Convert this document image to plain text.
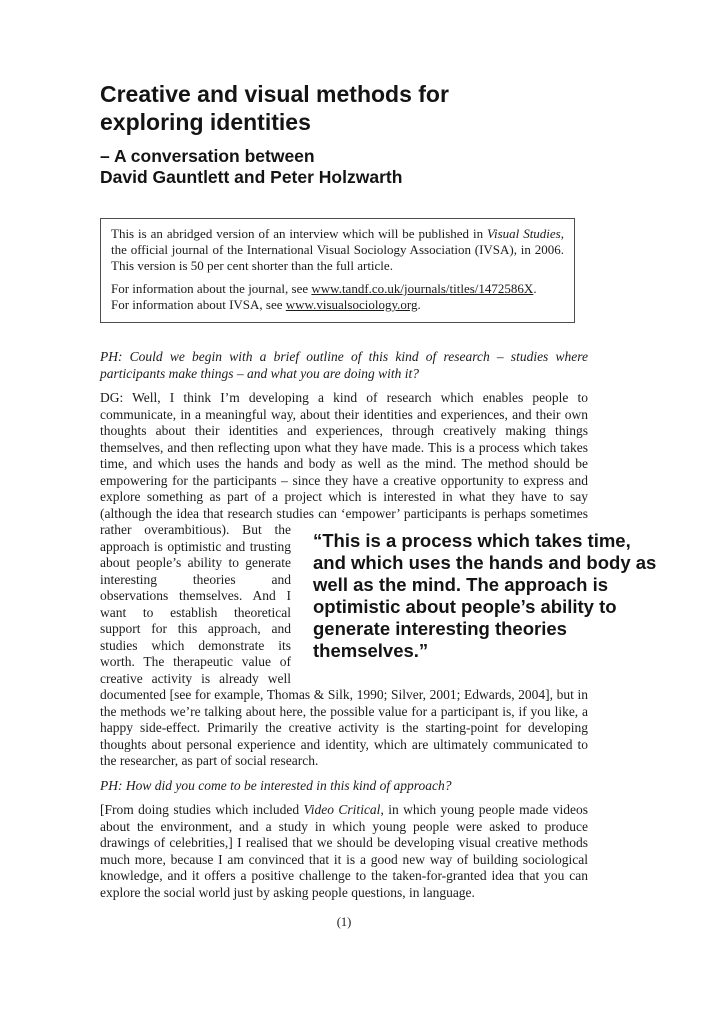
Creative and visual methods for
exploring identities
– A conversation between
David Gauntlett and Peter Holzwarth

This is an abridged version of an interview which will be published in Visual Studies, the official journal of the International Visual Sociology Association (IVSA), in 2006. This version is 50 per cent shorter than the full article.

For information about the journal, see www.tandf.co.uk/journals/titles/1472586X.
For information about IVSA, see www.visualsociology.org.

PH: Could we begin with a brief outline of this kind of research – studies where participants make things – and what you are doing with it?

DG: Well, I think I’m developing a kind of research which enables people to communicate, in a meaningful way, about their identities and experiences, and their own thoughts about their identities and experiences, through creatively making things themselves, and then reflecting upon what they have made. This is a process which takes time, and which uses the hands and body as well as the mind. The method should be empowering for the participants – since they have a creative opportunity to express and explore something as part of a project which is interested in what they have to say (although the idea that research studies can ‘empower’ participants is
“This is a process which takes time, and which uses the hands and body as well as the mind. The approach is optimistic about people’s ability to generate interesting theories themselves.”
perhaps sometimes rather overambitious). But the approach is optimistic and trusting about people’s ability to generate interesting theories and observations themselves. And I want to establish theoretical support for this approach, and studies which demonstrate its worth. The therapeutic value of creative activity is already well documented [see for example, Thomas & Silk, 1990; Silver, 2001; Edwards, 2004], but in the methods we’re talking about here, the possible value for a participant is, if you like, a happy side-effect. Primarily the creative activity is the starting-point for developing thoughts about personal experience and identity, which are ultimately communicated to the researcher, as part of social research.

PH: How did you come to be interested in this kind of approach?

[From doing studies which included Video Critical, in which young people made videos about the environment, and a study in which young people were asked to produce drawings of celebrities,] I realised that we should be developing visual creative methods much more, because I am convinced that it is a good new way of building sociological knowledge, and it offers a positive challenge to the taken-for-granted idea that you can explore the social world just by asking people questions, in language.

(1)
